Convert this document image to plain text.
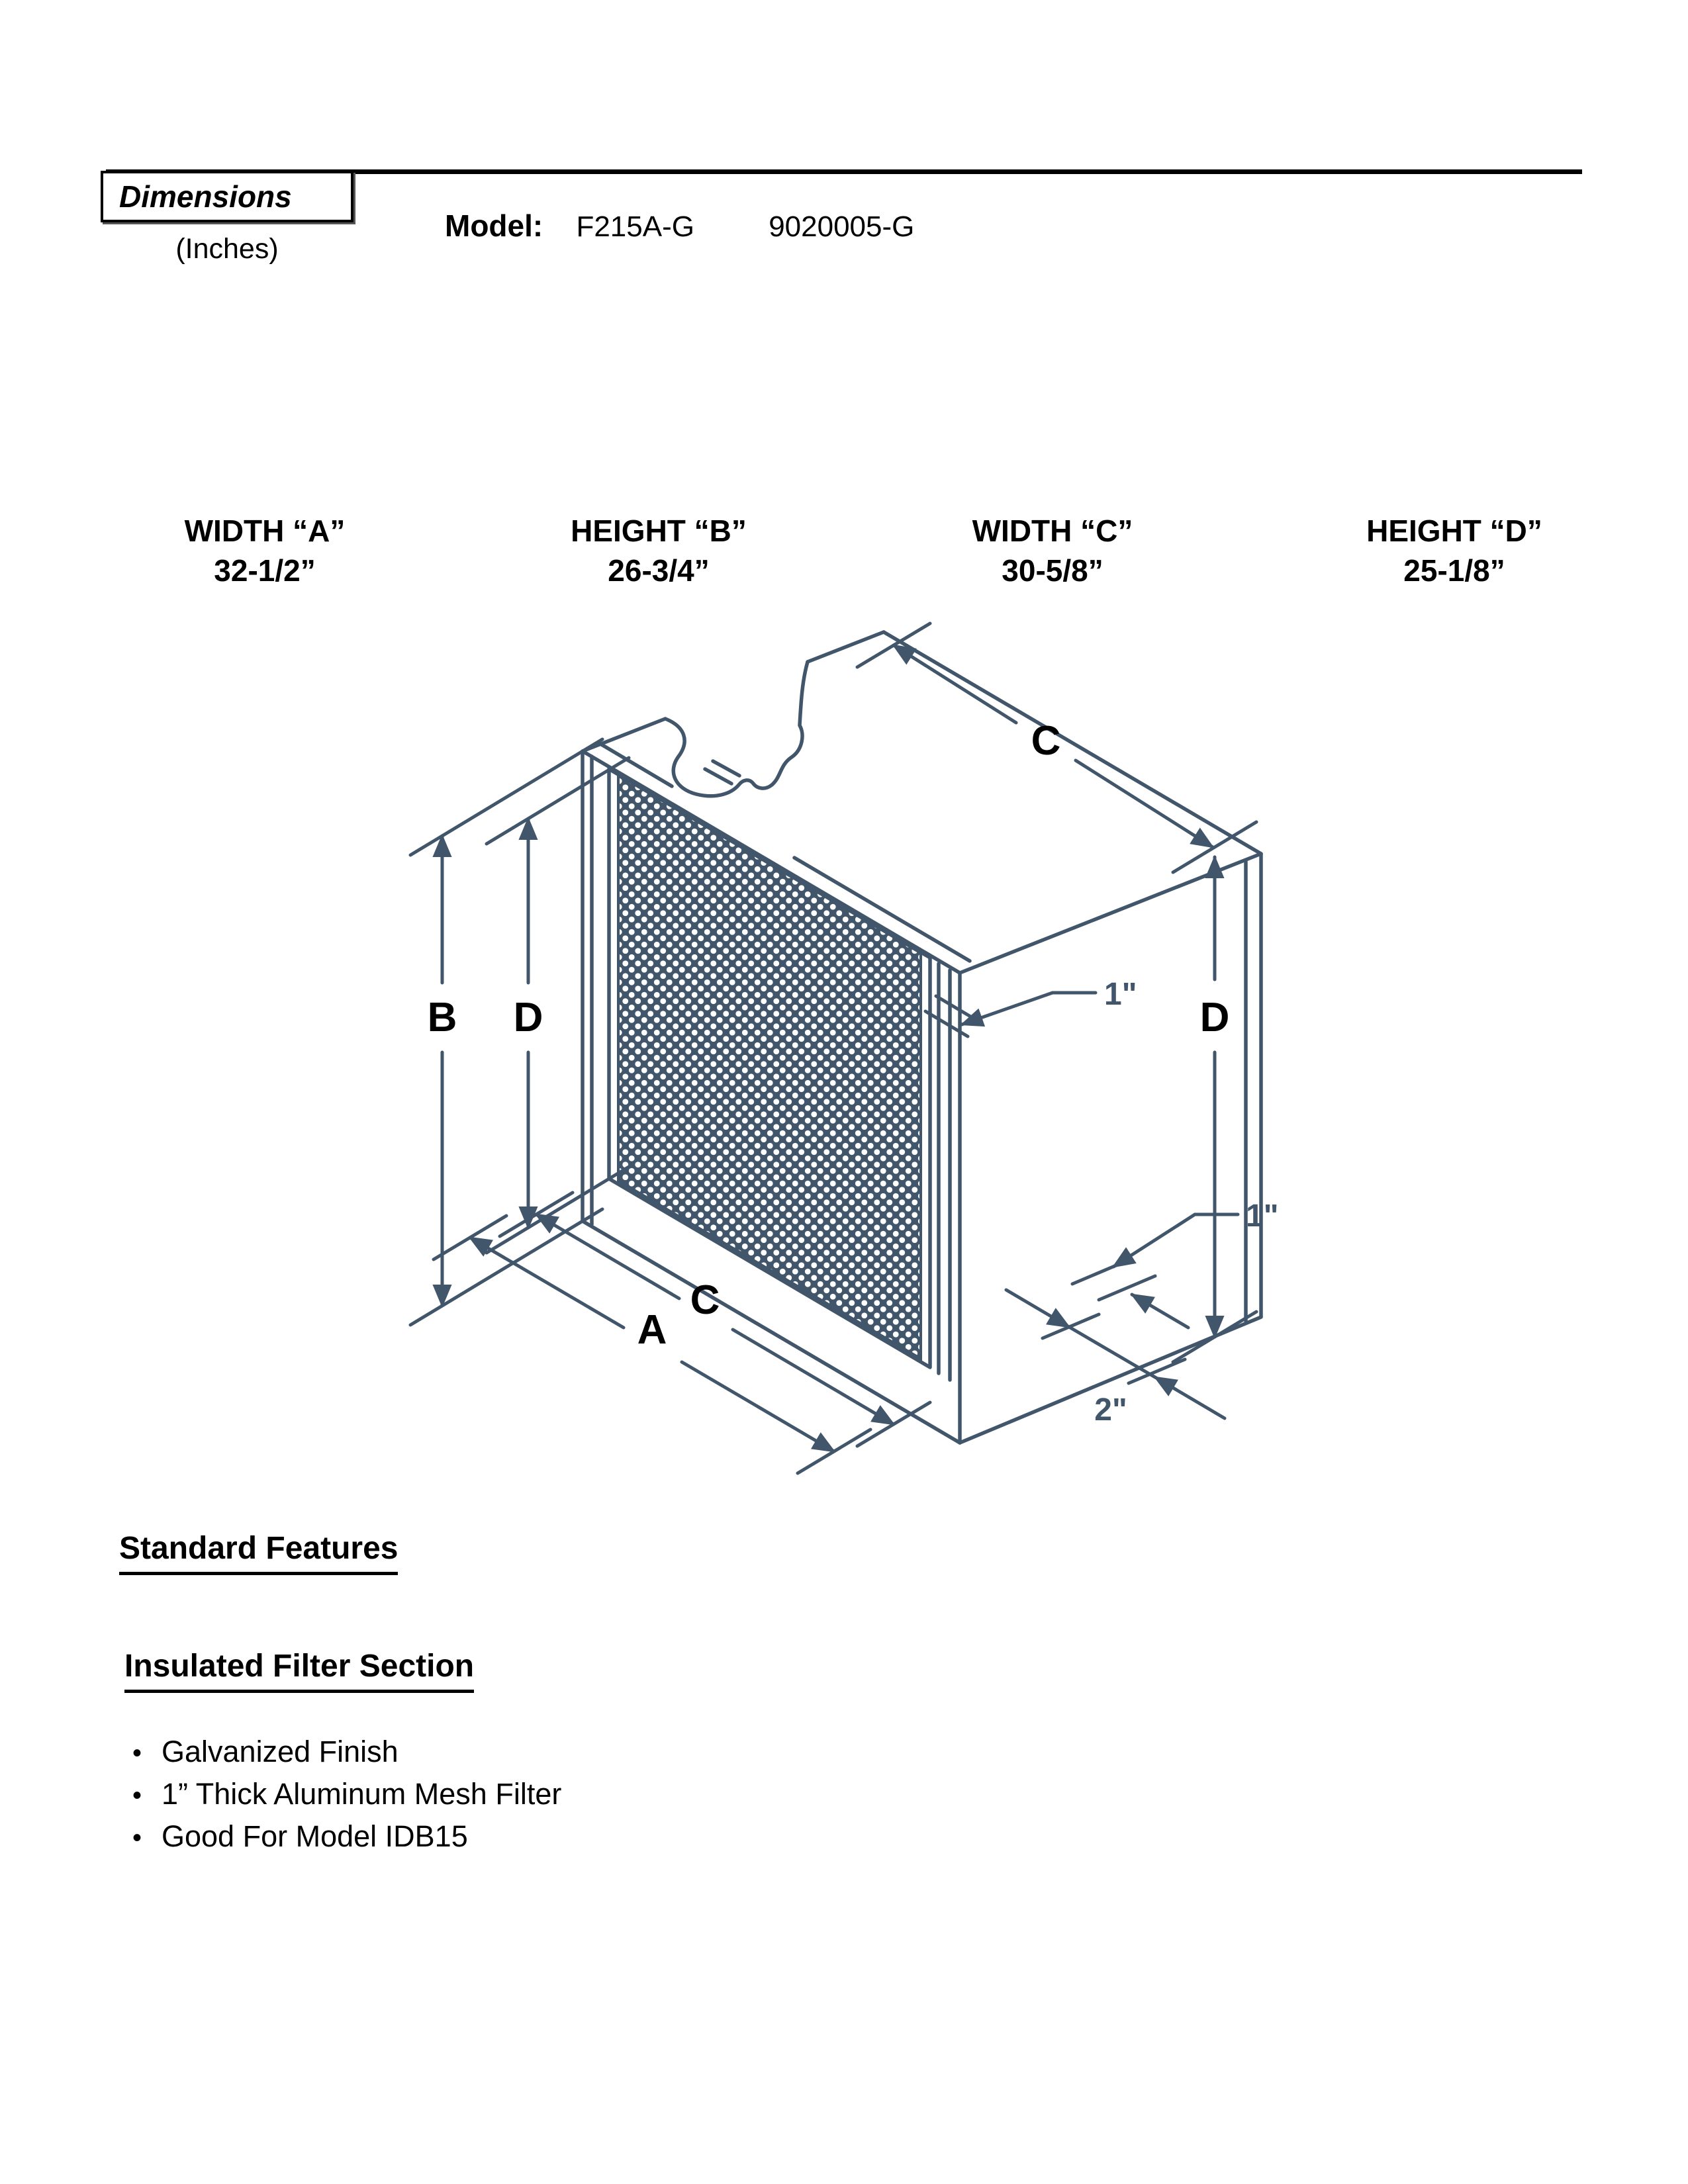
Dimensions
(Inches)
Model: F215A-G	9020005-G
WIDTH “A”
32-1/2”
HEIGHT “B”
26-3/4”
WIDTH “C”
30-5/8”
HEIGHT “D”
25-1/8”
B D
C
D
1"
1"
2"
A
C
Standard Features
Insulated Filter Section
• Galvanized Finish
• 1” Thick Aluminum Mesh Filter
• Good For Model IDB15
